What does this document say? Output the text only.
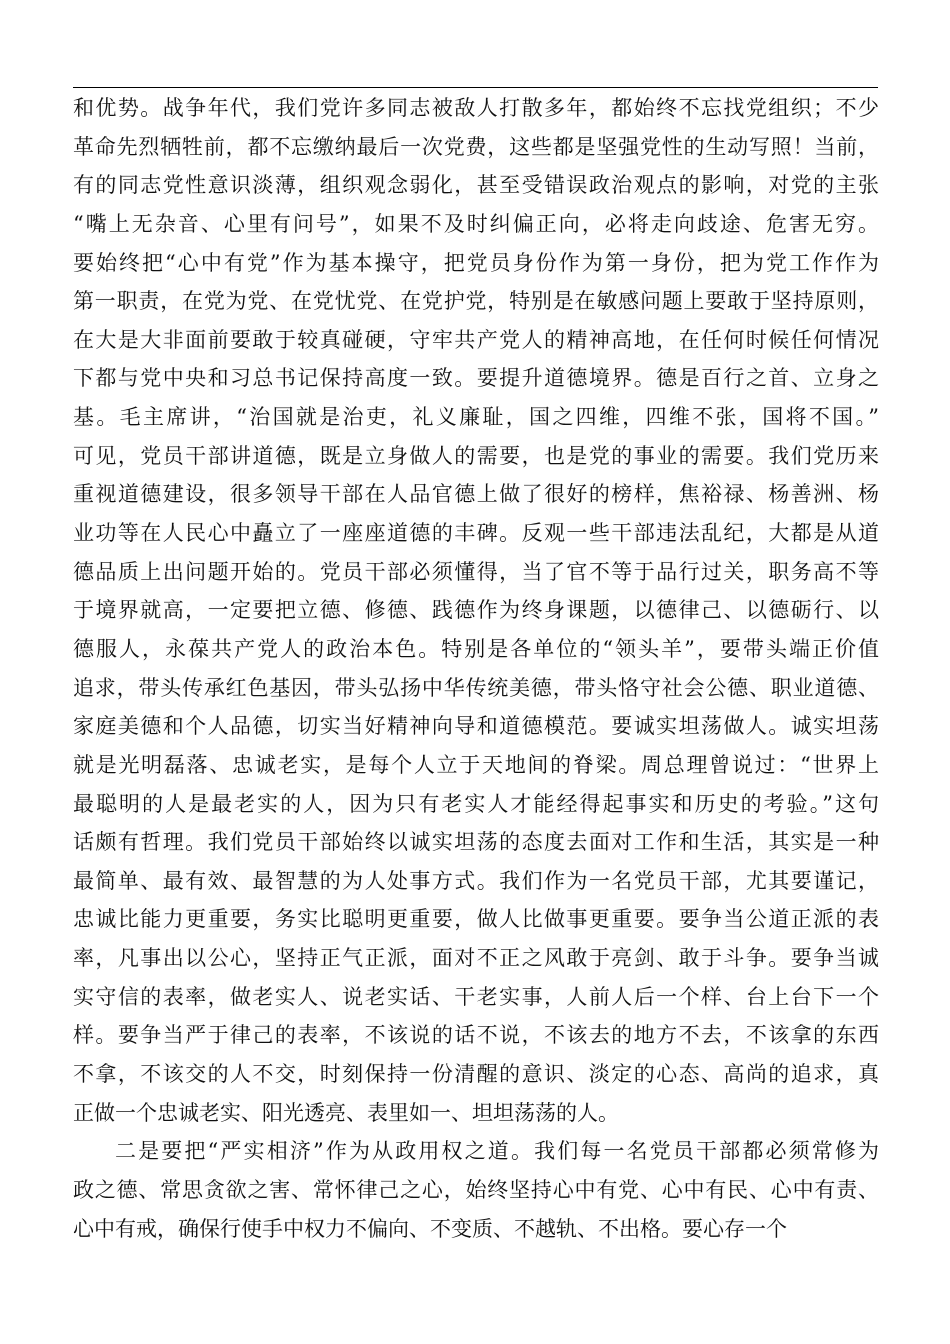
和优势。战争年代，我们党许多同志被敌人打散多年，都始终不忘找党组织；不少
革命先烈牺牲前，都不忘缴纳最后一次党费，这些都是坚强党性的生动写照！当前，
有的同志党性意识淡薄，组织观念弱化，甚至受错误政治观点的影响，对党的主张
“嘴上无杂音、心里有问号”，如果不及时纠偏正向，必将走向歧途、危害无穷。
要始终把“心中有党”作为基本操守，把党员身份作为第一身份，把为党工作作为
第一职责，在党为党、在党忧党、在党护党，特别是在敏感问题上要敢于坚持原则，
在大是大非面前要敢于较真碰硬，守牢共产党人的精神高地，在任何时候任何情况
下都与党中央和习总书记保持高度一致。要提升道德境界。德是百行之首、立身之
基。毛主席讲，“治国就是治吏，礼义廉耻，国之四维，四维不张，国将不国。”
可见，党员干部讲道德，既是立身做人的需要，也是党的事业的需要。我们党历来
重视道德建设，很多领导干部在人品官德上做了很好的榜样，焦裕禄、杨善洲、杨
业功等在人民心中矗立了一座座道德的丰碑。反观一些干部违法乱纪，大都是从道
德品质上出问题开始的。党员干部必须懂得，当了官不等于品行过关，职务高不等
于境界就高，一定要把立德、修德、践德作为终身课题，以德律己、以德砺行、以
德服人，永葆共产党人的政治本色。特别是各单位的“领头羊”，要带头端正价值
追求，带头传承红色基因，带头弘扬中华传统美德，带头恪守社会公德、职业道德、
家庭美德和个人品德，切实当好精神向导和道德模范。要诚实坦荡做人。诚实坦荡
就是光明磊落、忠诚老实，是每个人立于天地间的脊梁。周总理曾说过：“世界上
最聪明的人是最老实的人，因为只有老实人才能经得起事实和历史的考验。”这句
话颇有哲理。我们党员干部始终以诚实坦荡的态度去面对工作和生活，其实是一种
最简单、最有效、最智慧的为人处事方式。我们作为一名党员干部，尤其要谨记，
忠诚比能力更重要，务实比聪明更重要，做人比做事更重要。要争当公道正派的表
率，凡事出以公心，坚持正气正派，面对不正之风敢于亮剑、敢于斗争。要争当诚
实守信的表率，做老实人、说老实话、干老实事，人前人后一个样、台上台下一个
样。要争当严于律己的表率，不该说的话不说，不该去的地方不去，不该拿的东西
不拿，不该交的人不交，时刻保持一份清醒的意识、淡定的心态、高尚的追求，真
正做一个忠诚老实、阳光透亮、表里如一、坦坦荡荡的人。
二是要把“严实相济”作为从政用权之道。我们每一名党员干部都必须常修为
政之德、常思贪欲之害、常怀律己之心，始终坚持心中有党、心中有民、心中有责、
心中有戒，确保行使手中权力不偏向、不变质、不越轨、不出格。要心存一个
